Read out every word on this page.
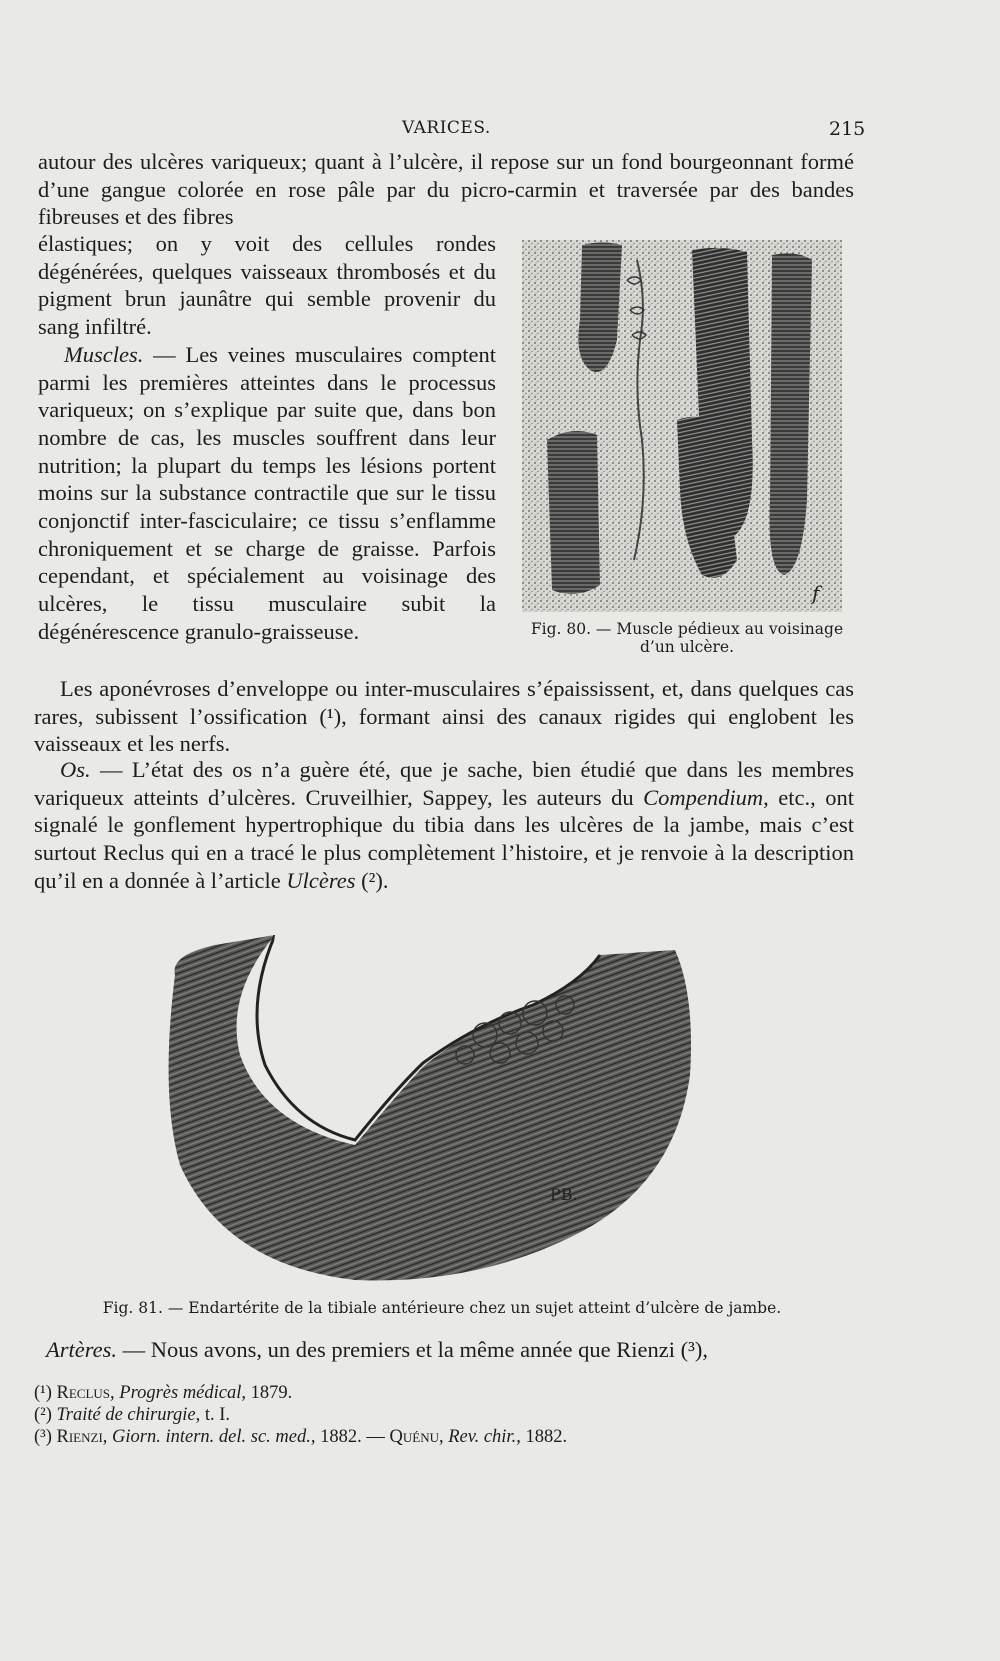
VARICES.	215

autour des ulcères variqueux; quant à l’ulcère, il repose sur un fond bourgeonnant formé d’une gangue colorée en rose pâle par du picro-carmin et traversée par des bandes fibreuses et des fibres

élastiques; on y voit des cellules rondes dégénérées, quelques vaisseaux thrombosés et du pigment brun jaunâtre qui semble provenir du sang infiltré.

Muscles. — Les veines musculaires comptent parmi les premières atteintes dans le processus variqueux; on s’explique par suite que, dans bon nombre de cas, les muscles souffrent dans leur nutrition; la plupart du temps les lésions portent moins sur la substance contractile que sur le tissu conjonctif inter-fasciculaire; ce tissu s’enflamme chroniquement et se charge de graisse. Parfois cependant, et spécialement au voisinage des ulcères, le tissu musculaire subit la dégénérescence granulo-graisseuse.

f
Fig. 80. — Muscle pédieux au voisinage d’un ulcère.

Les aponévroses d’enveloppe ou inter-musculaires s’épaississent, et, dans quelques cas rares, subissent l’ossification (¹), formant ainsi des canaux rigides qui englobent les vaisseaux et les nerfs.

Os. — L’état des os n’a guère été, que je sache, bien étudié que dans les membres variqueux atteints d’ulcères. Cruveilhier, Sappey, les auteurs du Compendium, etc., ont signalé le gonflement hypertrophique du tibia dans les ulcères de la jambe, mais c’est surtout Reclus qui en a tracé le plus complètement l’histoire, et je renvoie à la description qu’il en a donnée à l’article Ulcères (²).

PB.
Fig. 81. — Endartérite de la tibiale antérieure chez un sujet atteint d’ulcère de jambe.

Artères. — Nous avons, un des premiers et la même année que Rienzi (³),

(¹) Reclus, Progrès médical, 1879.
(²) Traité de chirurgie, t. I.
(³) Rienzi, Giorn. intern. del. sc. med., 1882. — Quénu, Rev. chir., 1882.
